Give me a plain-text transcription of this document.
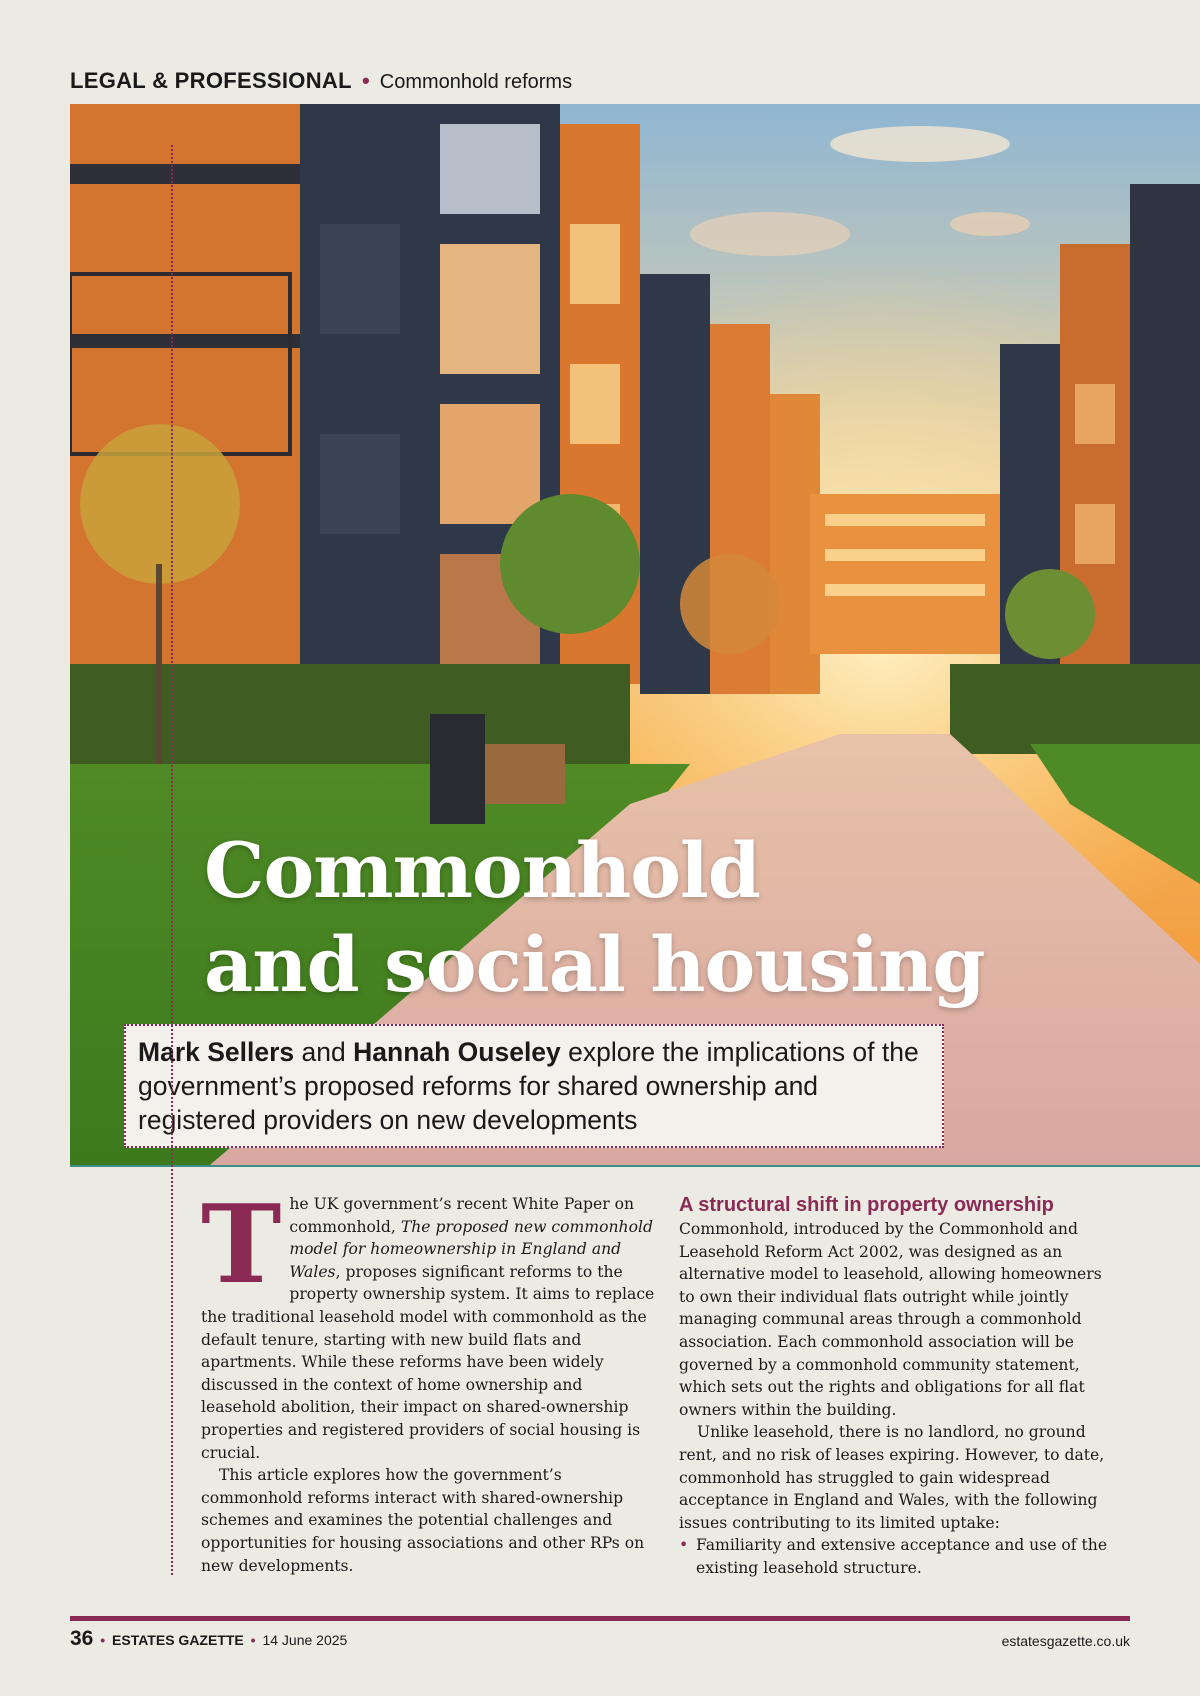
LEGAL & PROFESSIONAL • Commonhold reforms
Commonhold
and social housing
Mark Sellers and Hannah Ouseley explore the implications of the government’s proposed reforms for shared ownership and registered providers on new developments

The UK government’s recent White Paper on commonhold, The proposed new commonhold model for homeownership in England and Wales, proposes significant reforms to the property ownership system. It aims to replace the traditional leasehold model with commonhold as the default tenure, starting with new build flats and apartments. While these reforms have been widely discussed in the context of home ownership and leasehold abolition, their impact on shared-ownership properties and registered providers of social housing is crucial.

This article explores how the government’s commonhold reforms interact with shared-ownership schemes and examines the potential challenges and opportunities for housing associations and other RPs on new developments.

A structural shift in property ownership

Commonhold, introduced by the Commonhold and Leasehold Reform Act 2002, was designed as an alternative model to leasehold, allowing homeowners to own their individual flats outright while jointly managing communal areas through a commonhold association. Each commonhold association will be governed by a commonhold community statement, which sets out the rights and obligations for all flat owners within the building.

Unlike leasehold, there is no landlord, no ground rent, and no risk of leases expiring. However, to date, commonhold has struggled to gain widespread acceptance in England and Wales, with the following issues contributing to its limited uptake:

• Familiarity and extensive acceptance and use of the existing leasehold structure.
36 • ESTATES GAZETTE • 14 June 2025	estatesgazette.co.uk
